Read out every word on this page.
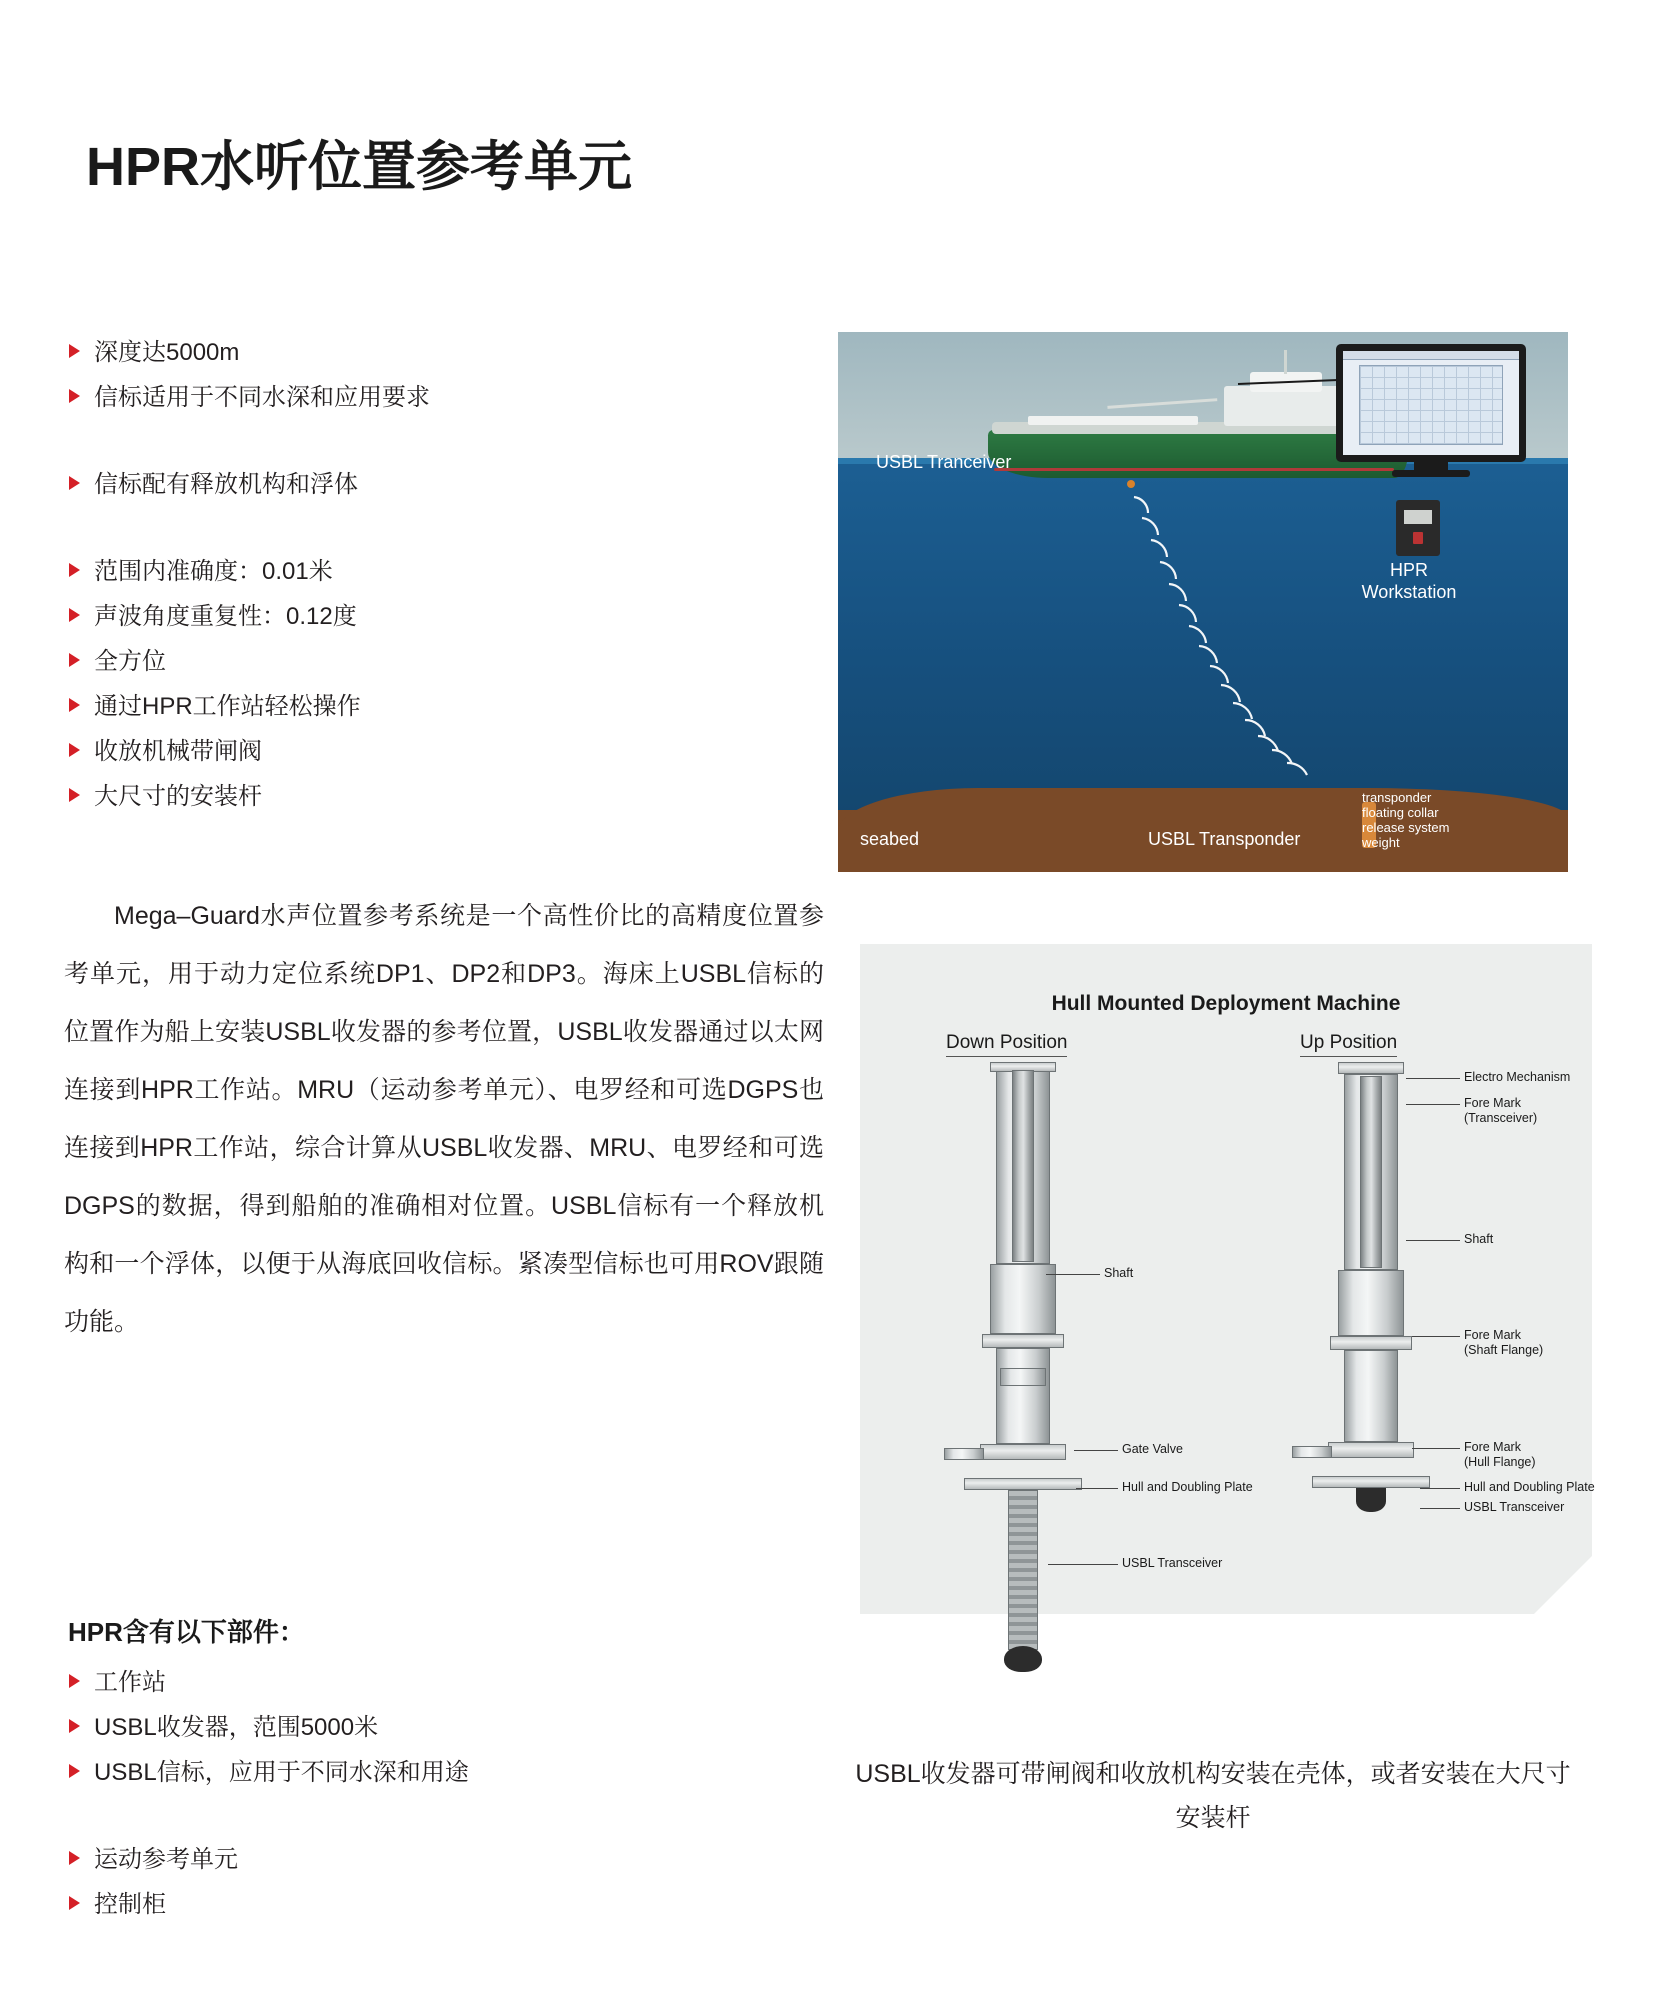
HPR水听位置参考单元
深度达5000m
信标适用于不同水深和应用要求
信标配有释放机构和浮体
范围内准确度：0.01米
声波角度重复性：0.12度
全方位
通过HPR工作站轻松操作
收放机械带闸阀
大尺寸的安装杆

Mega–Guard水声位置参考系统是一个高性价比的高精度位置参考单元，用于动力定位系统DP1、DP2和DP3。海床上USBL信标的位置作为船上安装USBL收发器的参考位置，USBL收发器通过以太网连接到HPR工作站。MRU（运动参考单元）、电罗经和可选DGPS也连接到HPR工作站，综合计算从USBL收发器、MRU、电罗经和可选DGPS的数据，得到船舶的准确相对位置。USBL信标有一个释放机构和一个浮体，以便于从海底回收信标。紧凑型信标也可用ROV跟随功能。

HPR含有以下部件：
工作站
USBL收发器，范围5000米
USBL信标，应用于不同水深和用途
运动参考单元
控制柜
USBL Tranceiver
HPR
Workstation
seabed	USBL Transponder
transponder
floating collar
release system
weight
Hull Mounted Deployment Machine
Down Position	Up Position
Shaft
Gate Valve
Hull and Doubling Plate
USBL Transceiver
Electro Mechanism
Fore Mark
(Transceiver)
Shaft
Fore Mark
(Shaft Flange)
Fore Mark
(Hull Flange)
Hull and Doubling Plate
USBL Transceiver
USBL收发器可带闸阀和收放机构安装在壳体，或者安装在大尺寸安装杆
